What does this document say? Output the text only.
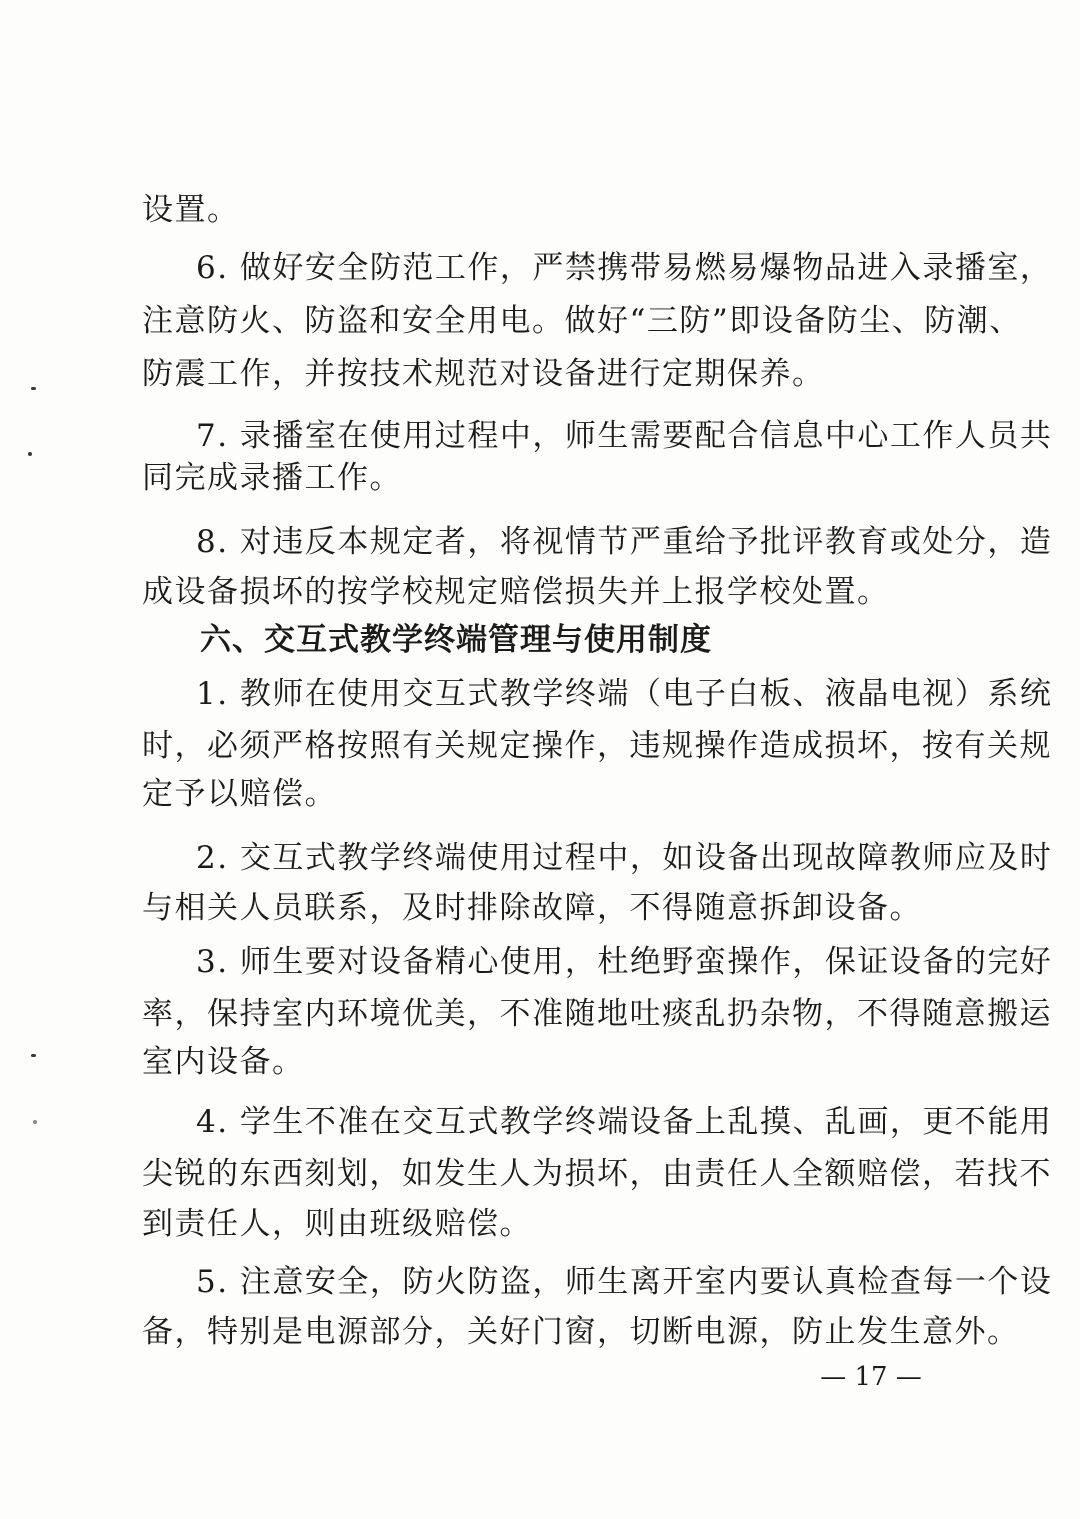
设置。

6. 做好安全防范工作，严禁携带易燃易爆物品进入录播室，

注意防火、防盗和安全用电。做好“三防”即设备防尘、防潮、

防震工作，并按技术规范对设备进行定期保养。

7. 录播室在使用过程中，师生需要配合信息中心工作人员共

同完成录播工作。

8. 对违反本规定者，将视情节严重给予批评教育或处分，造

成设备损坏的按学校规定赔偿损失并上报学校处置。

六、交互式教学终端管理与使用制度

1. 教师在使用交互式教学终端（电子白板、液晶电视）系统

时，必须严格按照有关规定操作，违规操作造成损坏，按有关规

定予以赔偿。

2. 交互式教学终端使用过程中，如设备出现故障教师应及时

与相关人员联系，及时排除故障，不得随意拆卸设备。

3. 师生要对设备精心使用，杜绝野蛮操作，保证设备的完好

率，保持室内环境优美，不准随地吐痰乱扔杂物，不得随意搬运

室内设备。

4. 学生不准在交互式教学终端设备上乱摸、乱画，更不能用

尖锐的东西刻划，如发生人为损坏，由责任人全额赔偿，若找不

到责任人，则由班级赔偿。

5. 注意安全，防火防盗，师生离开室内要认真检查每一个设

备，特别是电源部分，关好门窗，切断电源，防止发生意外。

— 17 —
